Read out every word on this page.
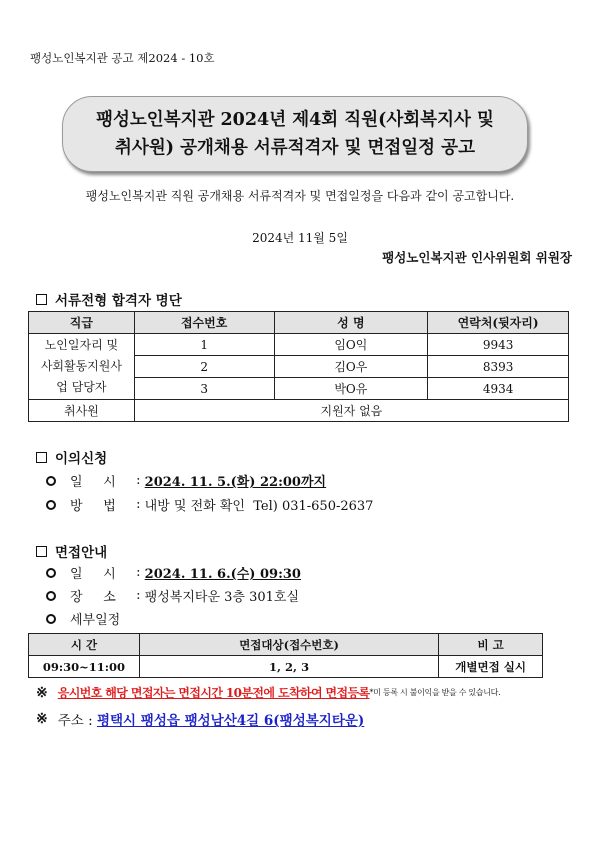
팽성노인복지관 공고 제2024 - 10호
팽성노인복지관 2024년 제4회 직원(사회복지사 및
취사원) 공개채용 서류적격자 및 면접일정 공고
팽성노인복지관 직원 공개채용 서류적격자 및 면접일정을 다음과 같이 공고합니다.
2024년 11월 5일
팽성노인복지관 인사위원회 위원장
서류전형 합격자 명단
직급	접수번호	성 명	연락처(뒷자리)

노인일자리 및
사회활동지원사
업 담당자	1	임O익	9943
	2	김O우	8393
	3	박O유	4934
취사원	지원자 없음		
이의신청
일     시	: 2024. 11. 5.(화) 22:00까지
방     법	: 내방 및 전화 확인  Tel) 031-650-2637
면접안내
일     시	: 2024. 11. 6.(수) 09:30
장     소	: 팽성복지타운 3층 301호실
세부일정
시 간	면접대상(접수번호)	비 고
09:30~11:00	1, 2, 3	개별면접 실시
※ 응시번호 해당 면접자는 면접시간 10분전에 도착하여 면접등록 *미 등록 시 불이익을 받을 수 있습니다.
※ 주소 : 평택시 팽성읍 팽성남산4길 6(팽성복지타운)
